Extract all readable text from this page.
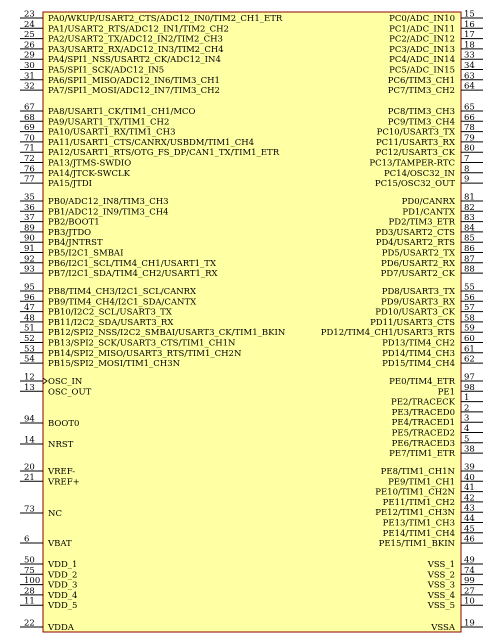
23 PA0/WKUP/USART2_CTS/ADC12_IN0/TIM2_CH1_ETR
24 PA1/USART2_RTS/ADC12_IN1/TIM2_CH2
25 PA2/USART2_TX/ADC12_IN2/TIM2_CH3
26 PA3/USART2_RX/ADC12_IN3/TIM2_CH4
29 PA4/SPI1_NSS/USART2_CK/ADC12_IN4
30 PA5/SPI1_SCK/ADC12_IN5
31 PA6/SPI1_MISO/ADC12_IN6/TIM3_CH1
32 PA7/SPI1_MOSI/ADC12_IN7/TIM3_CH2
67 PA8/USART1_CK/TIM1_CH1/MCO
68 PA9/USART1_TX/TIM1_CH2
69 PA10/USART1_RX/TIM1_CH3
70 PA11/USART1_CTS/CANRX/USBDM/TIM1_CH4
71 PA12/USART1_RTS/OTG_FS_DP/CAN1_TX/TIM1_ETR
72 PA13/JTMS-SWDIO
76 PA14/JTCK-SWCLK
77 PA15/JTDI
35 PB0/ADC12_IN8/TIM3_CH3
36 PB1/ADC12_IN9/TIM3_CH4
37 PB2/BOOT1
89 PB3/JTDO
90 PB4/JNTRST
91 PB5/I2C1_SMBAI
92 PB6/I2C1_SCL/TIM4_CH1/USART1_TX
93 PB7/I2C1_SDA/TIM4_CH2/USART1_RX
95 PB8/TIM4_CH3/I2C1_SCL/CANRX
96 PB9/TIM4_CH4/I2C1_SDA/CANTX
47 PB10/I2C2_SCL/USART3_TX
48 PB11/I2C2_SDA/USART3_RX
51 PB12/SPI2_NSS/I2C2_SMBAI/USART3_CK/TIM1_BKIN
52 PB13/SPI2_SCK/USART3_CTS/TIM1_CH1N
53 PB14/SPI2_MISO/USART3_RTS/TIM1_CH2N
54 PB15/SPI2_MOSI/TIM1_CH3N
12 OSC_IN
13 OSC_OUT
94 BOOT0
14 NRST
20 VREF-
21 VREF+
73 NC
6 VBAT
50 VDD_1
75 VDD_2
100 VDD_3
28 VDD_4
11 VDD_5
22 VDDA
15
PC0/ADC_IN10
16
PC1/ADC_IN11
17
PC2/ADC_IN12
18
PC3/ADC_IN13
33
PC4/ADC_IN14
34
PC5/ADC_IN15
63
PC6/TIM3_CH1
64
PC7/TIM3_CH2
65
PC8/TIM3_CH3
66
PC9/TIM3_CH4
78
PC10/USART3_TX
79
PC11/USART3_RX
80
PC12/USART3_CK
7
PC13/TAMPER-RTC
8
PC14/OSC32_IN
9
PC15/OSC32_OUT
81
PD0/CANRX
82
PD1/CANTX
83
PD2/TIM3_ETR
84
PD3/USART2_CTS
85
PD4/USART2_RTS
86
PD5/USART2_TX
87
PD6/USART2_RX
88
PD7/USART2_CK
55
PD8/USART3_TX
56
PD9/USART3_RX
57
PD10/USART3_CK
58
PD11/USART3_CTS
59
PD12/TIM4_CH1/USART3_RTS
60
PD13/TIM4_CH2
61
PD14/TIM4_CH3
62
PD15/TIM4_CH4
97
PE0/TIM4_ETR
98
PE1
1
PE2/TRACECK
2
PE3/TRACED0
3
PE4/TRACED1
4
PE5/TRACED2
5
PE6/TRACED3
38
PE7/TIM1_ETR
39
PE8/TIM1_CH1N
40
PE9/TIM1_CH1
41
PE10/TIM1_CH2N
42
PE11/TIM1_CH2
43
PE12/TIM1_CH3N
44
PE13/TIM1_CH3
45
PE14/TIM1_CH4
46
PE15/TIM1_BKIN
49
VSS_1
74
VSS_2
99
VSS_3
27
VSS_4
10
VSS_5
19
VSSA
